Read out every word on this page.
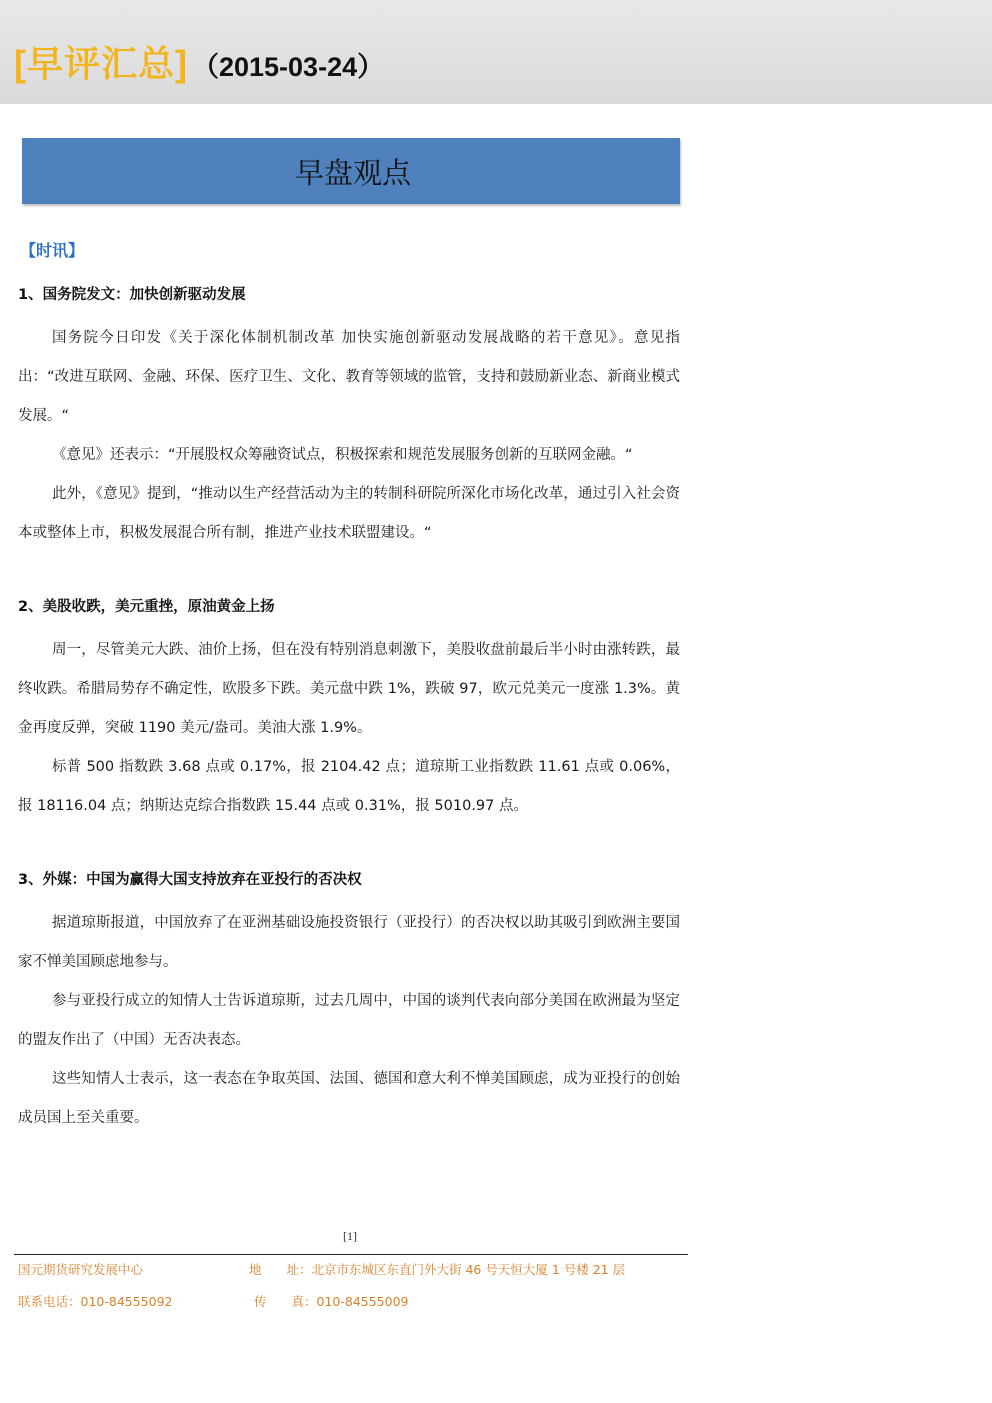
[早评汇总] （2015-03-24）
早盘观点
【时讯】
1、国务院发文：加快创新驱动发展

国务院今日印发《关于深化体制机制改革 加快实施创新驱动发展战略的若干意见》。意见指出：“改进互联网、金融、环保、医疗卫生、文化、教育等领域的监管，支持和鼓励新业态、新商业模式发展。“

《意见》还表示：“开展股权众筹融资试点，积极探索和规范发展服务创新的互联网金融。“

此外，《意见》提到，“推动以生产经营活动为主的转制科研院所深化市场化改革，通过引入社会资本或整体上市，积极发展混合所有制，推进产业技术联盟建设。“

2、美股收跌，美元重挫，原油黄金上扬

周一，尽管美元大跌、油价上扬，但在没有特别消息刺激下，美股收盘前最后半小时由涨转跌，最终收跌。希腊局势存不确定性，欧股多下跌。美元盘中跌 1%，跌破 97，欧元兑美元一度涨 1.3%。黄金再度反弹，突破 1190 美元/盎司。美油大涨 1.9%。

标普 500 指数跌 3.68 点或 0.17%，报 2104.42 点；道琼斯工业指数跌 11.61 点或 0.06%，报 18116.04 点；纳斯达克综合指数跌 15.44 点或 0.31%，报 5010.97 点。

3、外媒：中国为赢得大国支持放弃在亚投行的否决权

据道琼斯报道，中国放弃了在亚洲基础设施投资银行（亚投行）的否决权以助其吸引到欧洲主要国家不惮美国顾虑地参与。

参与亚投行成立的知情人士告诉道琼斯，过去几周中，中国的谈判代表向部分美国在欧洲最为坚定的盟友作出了（中国）无否决表态。

这些知情人士表示，这一表态在争取英国、法国、德国和意大利不惮美国顾虑，成为亚投行的创始成员国上至关重要。

[1]
国元期货研究发展中心	地　　址：北京市东城区东直门外大街 46 号天恒大厦 1 号楼 21 层
联系电话：010-84555092	传　　真：010-84555009
